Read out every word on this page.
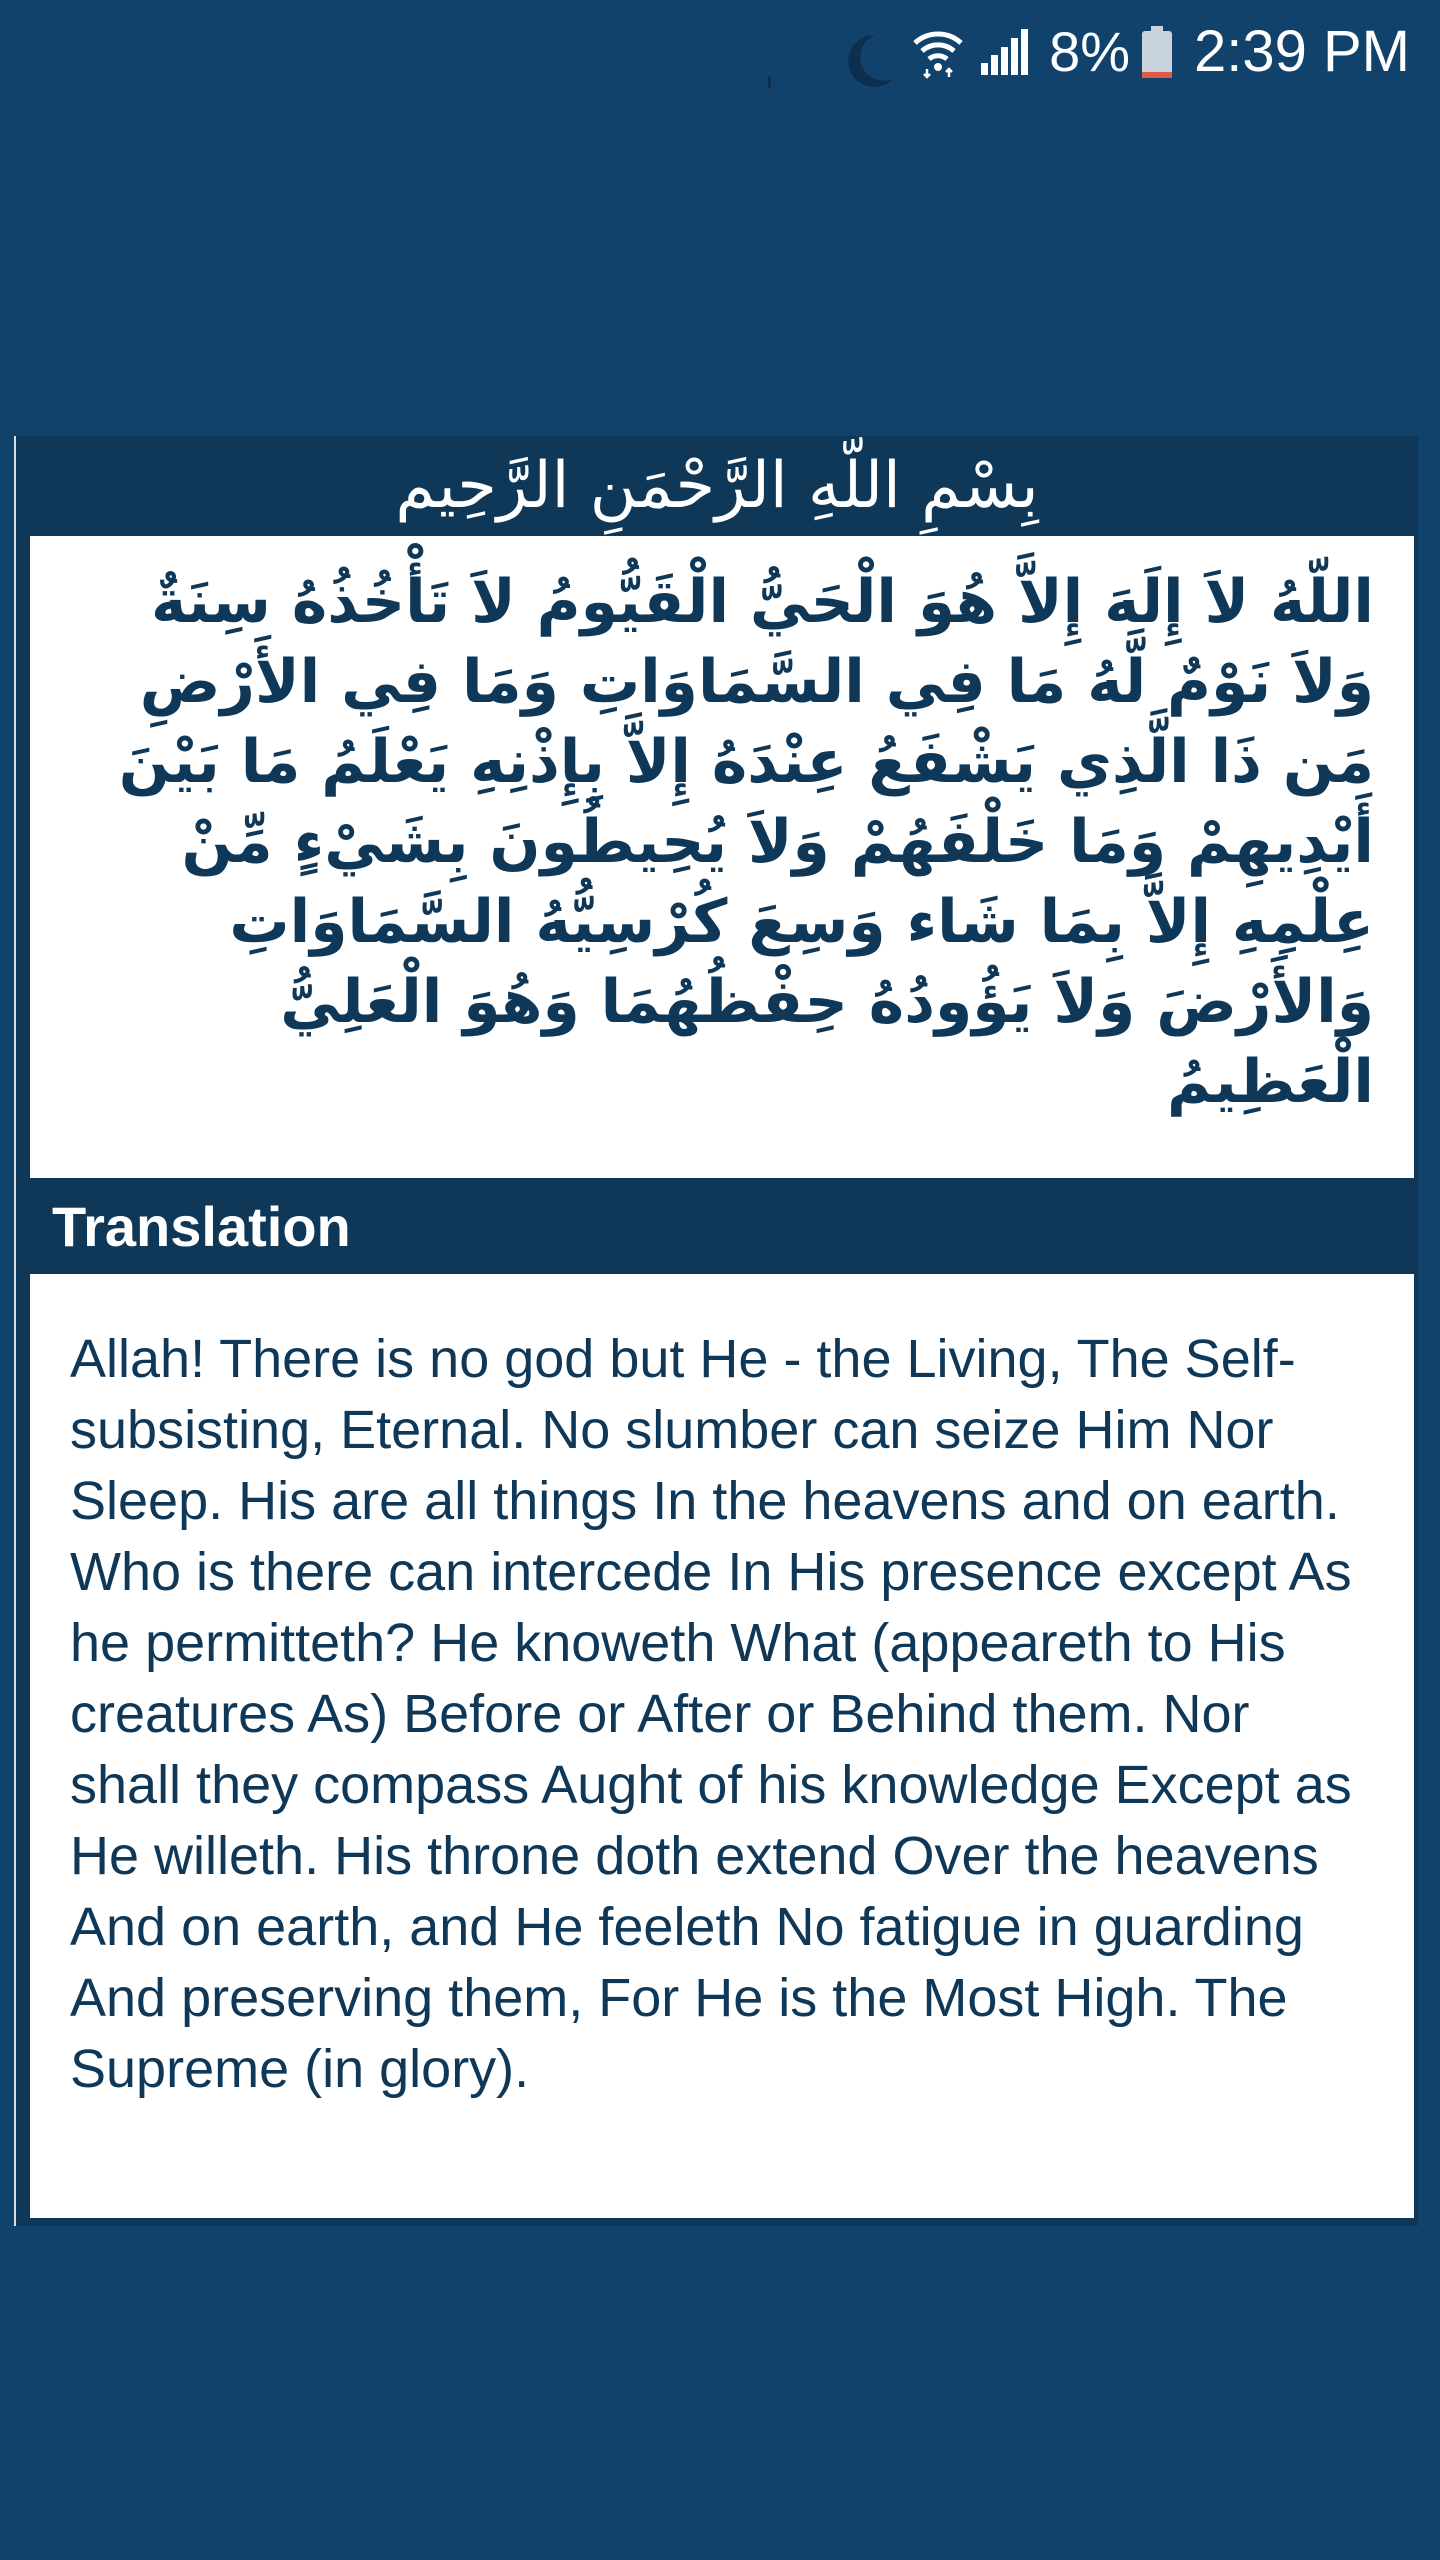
8% 2:39 PM
بِسْمِ اللّهِ الرَّحْمَنِ الرَّحِيم

اللّهُ لاَ إِلَهَ إِلاَّ هُوَ الْحَيُّ الْقَيُّومُ لاَ تَأْخُذُهُ سِنَةٌ وَلاَ نَوْمٌ لَّهُ مَا فِي السَّمَاوَاتِ وَمَا فِي الأَرْضِ مَن ذَا الَّذِي يَشْفَعُ عِنْدَهُ إِلاَّ بِإِذْنِهِ يَعْلَمُ مَا بَيْنَ أَيْدِيهِمْ وَمَا خَلْفَهُمْ وَلاَ يُحِيطُونَ بِشَيْءٍ مِّنْ عِلْمِهِ إِلاَّ بِمَا شَاء وَسِعَ كُرْسِيُّهُ السَّمَاوَاتِ وَالأَرْضَ وَلاَ يَؤُودُهُ حِفْظُهُمَا وَهُوَ الْعَلِيُّ الْعَظِيمُ

Translation

Allah! There is no god but He - the Living, The Self-subsisting, Eternal. No slumber can seize Him Nor Sleep. His are all things In the heavens and on earth. Who is there can intercede In His presence except As he permitteth? He knoweth What (appeareth to His creatures As) Before or After or Behind them. Nor shall they compass Aught of his knowledge Except as He willeth. His throne doth extend Over the heavens And on earth, and He feeleth No fatigue in guarding And preserving them, For He is the Most High. The Supreme (in glory).
